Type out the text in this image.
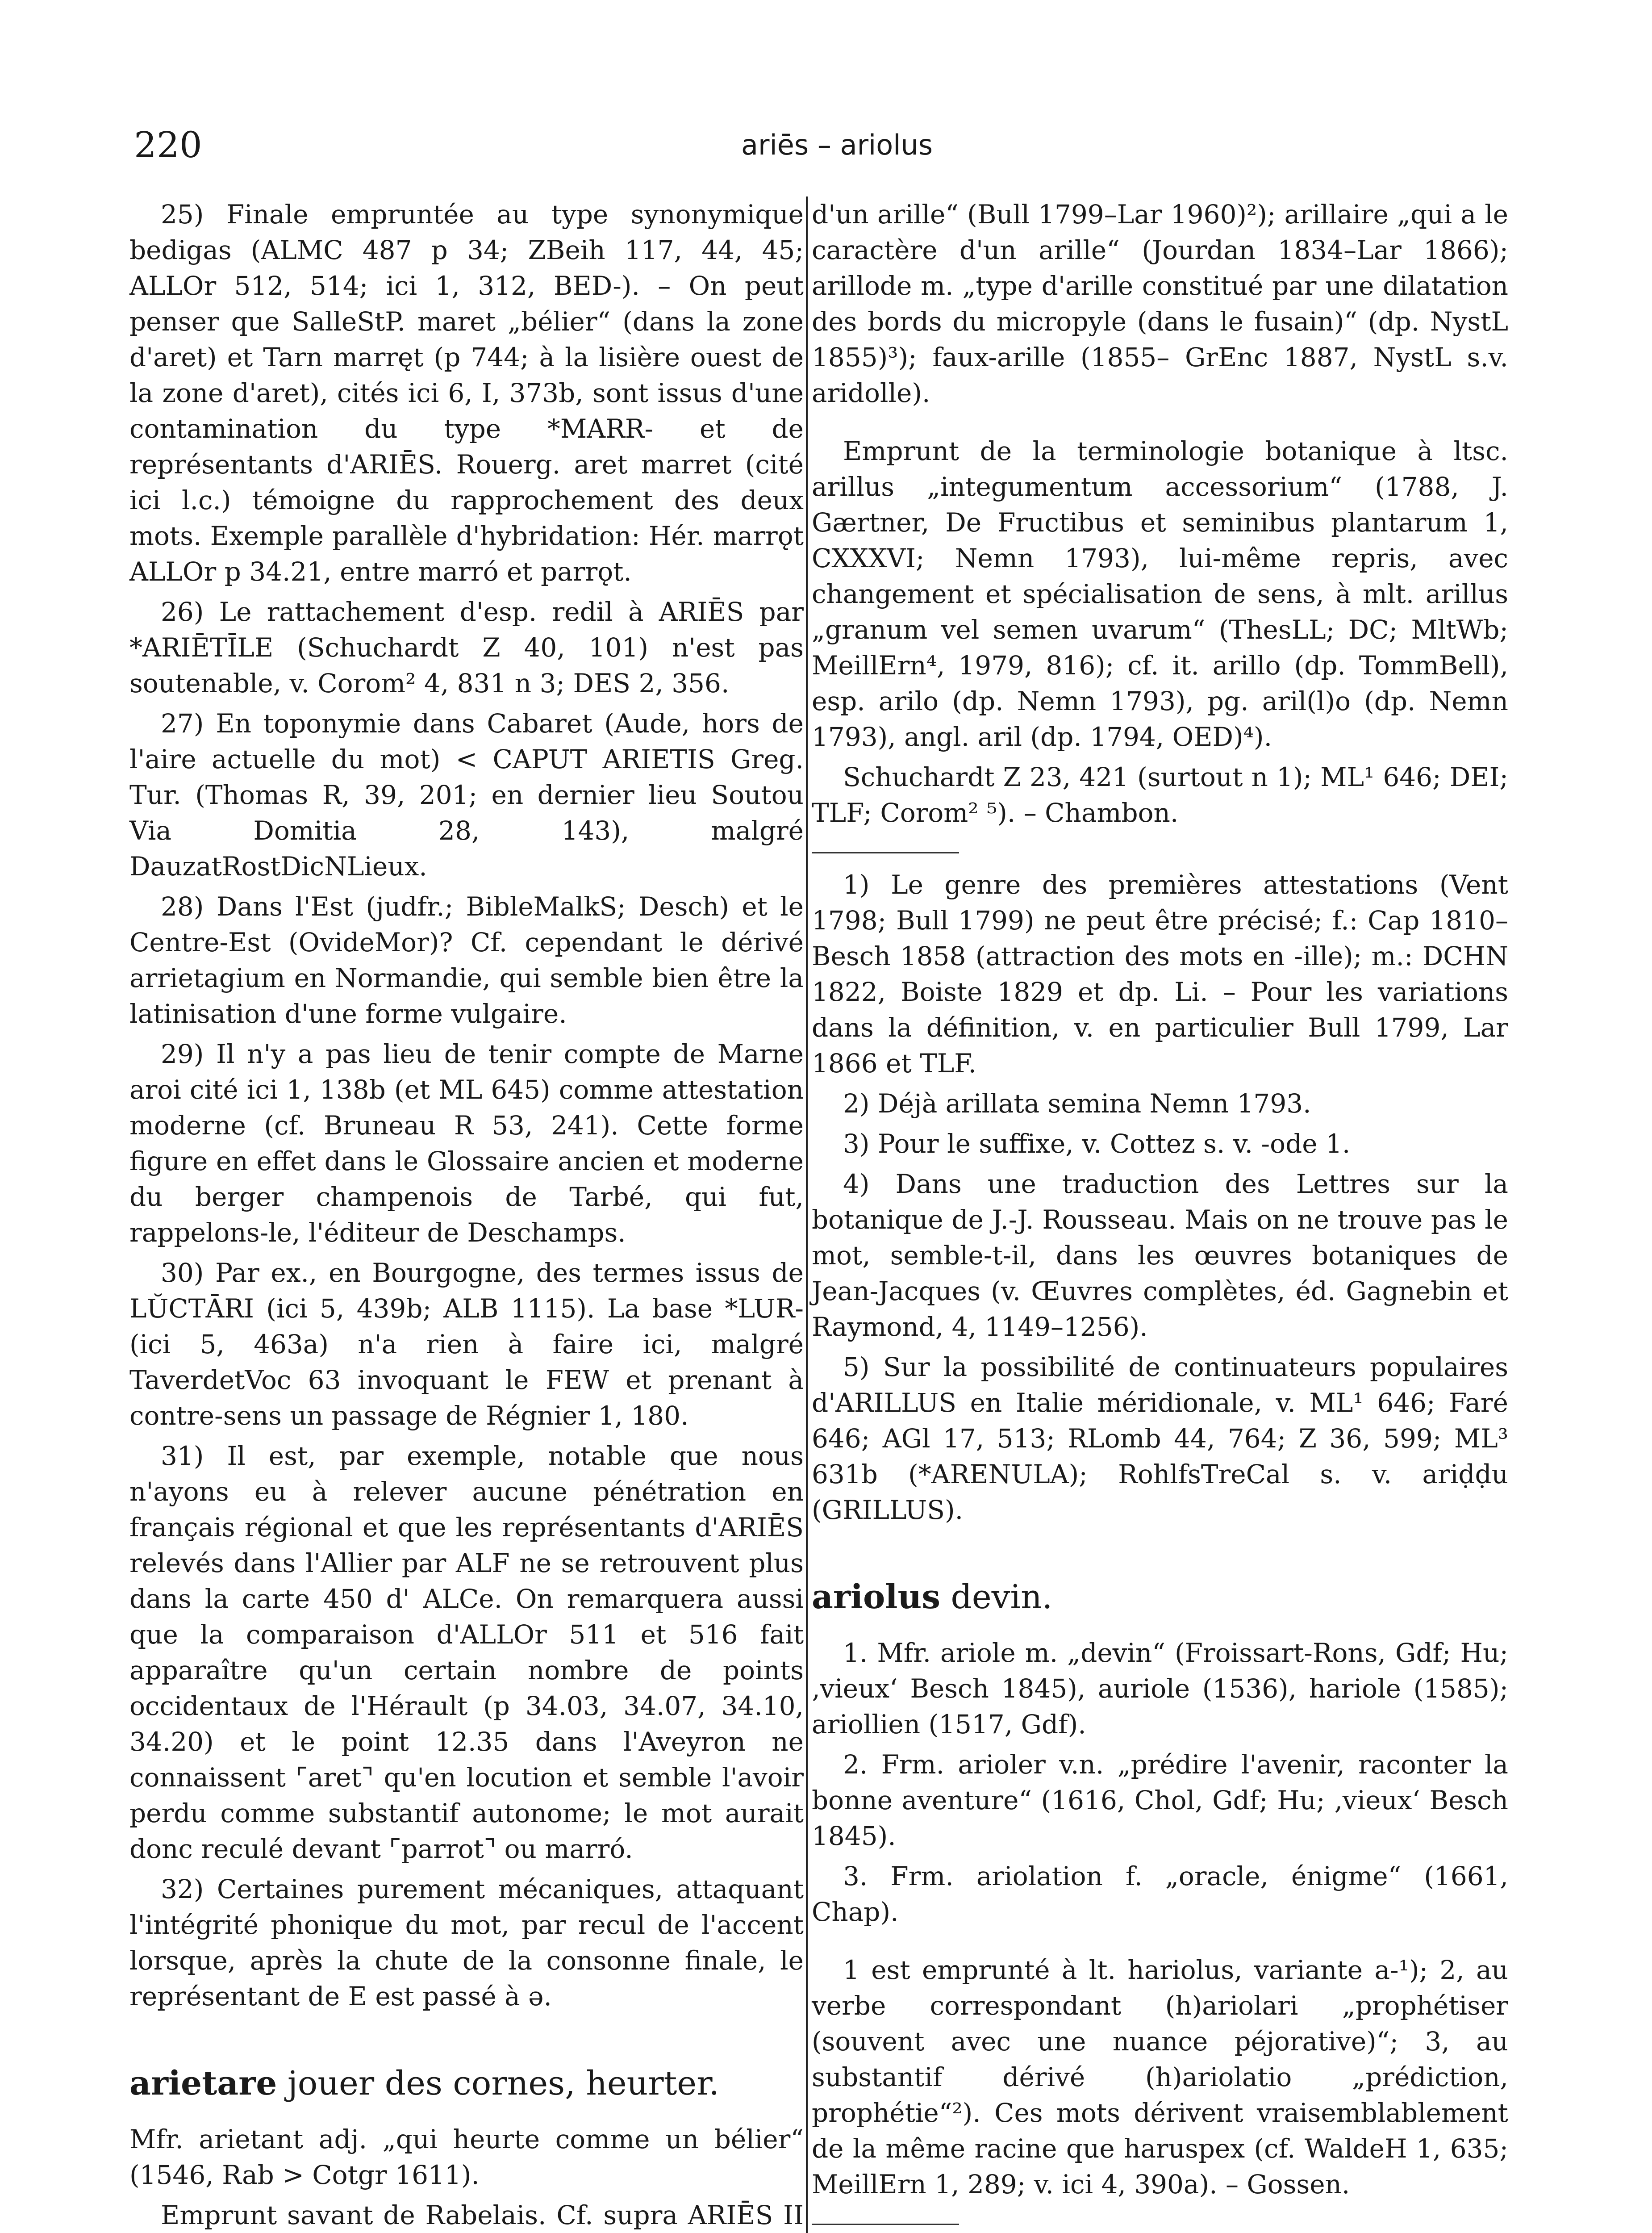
220	ariēs – ariolus

25) Finale empruntée au type synonymique bedigas (ALMC 487 p 34; ZBeih 117, 44, 45; ALLOr 512, 514; ici 1, 312, BED-). – On peut penser que SalleStP. maret „bélier“ (dans la zone d'aret) et Tarn marręt (p 744; à la lisière ouest de la zone d'aret), cités ici 6, I, 373b, sont issus d'une contamination du type *MARR- et de représentants d'ARIĒS. Rouerg. aret marret (cité ici l.c.) témoigne du rapprochement des deux mots. Exemple parallèle d'hybridation: Hér. marrǫt ALLOr p 34.21, entre marró et parrǫt.

26) Le rattachement d'esp. redil à ARIĒS par *ARIĒTĪLE (Schuchardt Z 40, 101) n'est pas soutenable, v. Corom² 4, 831 n 3; DES 2, 356.

27) En toponymie dans Cabaret (Aude, hors de l'aire actuelle du mot) < CAPUT ARIETIS Greg. Tur. (Thomas R, 39, 201; en dernier lieu Soutou Via Domitia 28, 143), malgré DauzatRostDicNLieux.

28) Dans l'Est (judfr.; BibleMalkS; Desch) et le Centre-Est (OvideMor)? Cf. cependant le dérivé arrietagium en Normandie, qui semble bien être la latinisation d'une forme vulgaire.

29) Il n'y a pas lieu de tenir compte de Marne aroi cité ici 1, 138b (et ML 645) comme attestation moderne (cf. Bruneau R 53, 241). Cette forme figure en effet dans le Glossaire ancien et moderne du berger champenois de Tarbé, qui fut, rappelons-le, l'éditeur de Deschamps.

30) Par ex., en Bourgogne, des termes issus de LŬCTĀRI (ici 5, 439b; ALB 1115). La base *LUR- (ici 5, 463a) n'a rien à faire ici, malgré TaverdetVoc 63 invoquant le FEW et prenant à contre-sens un passage de Régnier 1, 180.

31) Il est, par exemple, notable que nous n'ayons eu à relever aucune pénétration en français régional et que les représentants d'ARIĒS relevés dans l'Allier par ALF ne se retrouvent plus dans la carte 450 d' ALCe. On remarquera aussi que la comparaison d'ALLOr 511 et 516 fait apparaître qu'un certain nombre de points occidentaux de l'Hérault (p 34.03, 34.07, 34.10, 34.20) et le point 12.35 dans l'Aveyron ne connaissent ⌜aret⌝ qu'en locution et semble l'avoir perdu comme substantif autonome; le mot aurait donc reculé devant ⌜parrot⌝ ou marró.

32) Certaines purement mécaniques, attaquant l'intégrité phonique du mot, par recul de l'accent lorsque, après la chute de la consonne finale, le représentant de E est passé à ə.

arietare jouer des cornes, heurter.

Mfr. arietant adj. „qui heurte comme un bélier“ (1546, Rab > Cotgr 1611).

Emprunt savant de Rabelais. Cf. supra ARIĒS II

d'un arille“ (Bull 1799–Lar 1960)²); arillaire „qui a le caractère d'un arille“ (Jourdan 1834–Lar 1866); arillode m. „type d'arille constitué par une dilatation des bords du micropyle (dans le fusain)“ (dp. NystL 1855)³); faux-arille (1855– GrEnc 1887, NystL s.v. aridolle).

Emprunt de la terminologie botanique à ltsc. arillus „integumentum accessorium“ (1788, J. Gærtner, De Fructibus et seminibus plantarum 1, CXXXVI; Nemn 1793), lui-même repris, avec changement et spécialisation de sens, à mlt. arillus „granum vel semen uvarum“ (ThesLL; DC; MltWb; MeillErn⁴, 1979, 816); cf. it. arillo (dp. TommBell), esp. arilo (dp. Nemn 1793), pg. aril(l)o (dp. Nemn 1793), angl. aril (dp. 1794, OED)⁴).

Schuchardt Z 23, 421 (surtout n 1); ML¹ 646; DEI; TLF; Corom² ⁵). – Chambon.

1) Le genre des premières attestations (Vent 1798; Bull 1799) ne peut être précisé; f.: Cap 1810–Besch 1858 (attraction des mots en -ille); m.: DCHN 1822, Boiste 1829 et dp. Li. – Pour les variations dans la définition, v. en particulier Bull 1799, Lar 1866 et TLF.

2) Déjà arillata semina Nemn 1793.

3) Pour le suffixe, v. Cottez s. v. -ode 1.

4) Dans une traduction des Lettres sur la botanique de J.-J. Rousseau. Mais on ne trouve pas le mot, semble-t-il, dans les œuvres botaniques de Jean-Jacques (v. Œuvres complètes, éd. Gagnebin et Raymond, 4, 1149–1256).

5) Sur la possibilité de continuateurs populaires d'ARILLUS en Italie méridionale, v. ML¹ 646; Faré 646; AGl 17, 513; RLomb 44, 764; Z 36, 599; ML³ 631b (*ARENULA); RohlfsTreCal s. v. ariḍḍu (GRILLUS).

ariolus devin.

1. Mfr. ariole m. „devin“ (Froissart-Rons, Gdf; Hu; ‚vieux‘ Besch 1845), auriole (1536), hariole (1585); ariollien (1517, Gdf).

2. Frm. arioler v.n. „prédire l'avenir, raconter la bonne aventure“ (1616, Chol, Gdf; Hu; ‚vieux‘ Besch 1845).

3. Frm. ariolation f. „oracle, énigme“ (1661, Chap).

1 est emprunté à lt. hariolus, variante a-¹); 2, au verbe correspondant (h)ariolari „prophétiser (souvent avec une nuance péjorative)“; 3, au substantif dérivé (h)ariolatio „prédiction, prophétie“²). Ces mots dérivent vraisemblablement de la même racine que haruspex (cf. WaldeH 1, 635; MeillErn 1, 289; v. ici 4, 390a). – Gossen.
